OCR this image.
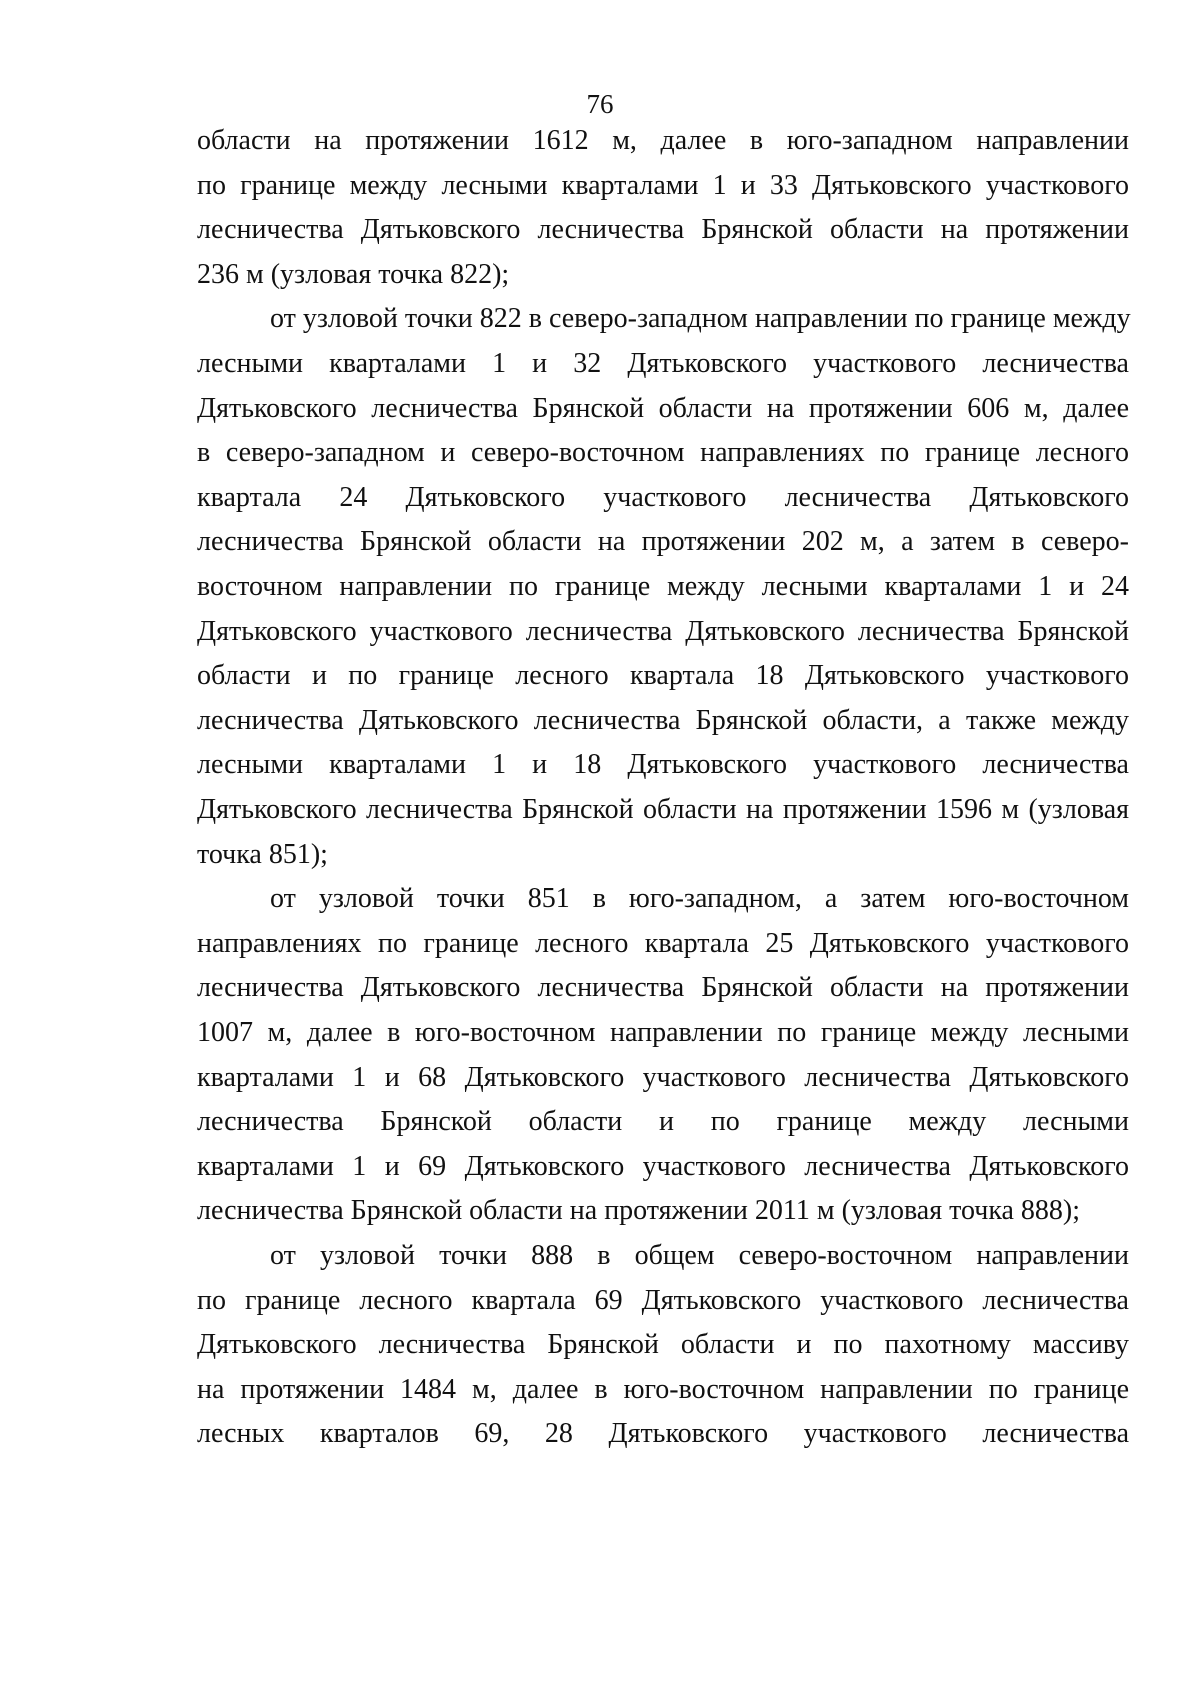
76
области на протяжении 1612 м, далее в юго-западном направлении
по границе между лесными кварталами 1 и 33 Дятьковского участкового
лесничества Дятьковского лесничества Брянской области на протяжении
236 м (узловая точка 822);
от узловой точки 822 в северо-западном направлении по границе между
лесными кварталами 1 и 32 Дятьковского участкового лесничества
Дятьковского лесничества Брянской области на протяжении 606 м, далее
в северо-западном и северо-восточном направлениях по границе лесного
квартала 24 Дятьковского участкового лесничества Дятьковского
лесничества Брянской области на протяжении 202 м, а затем в северо-
восточном направлении по границе между лесными кварталами 1 и 24
Дятьковского участкового лесничества Дятьковского лесничества Брянской
области и по границе лесного квартала 18 Дятьковского участкового
лесничества Дятьковского лесничества Брянской области, а также между
лесными кварталами 1 и 18 Дятьковского участкового лесничества
Дятьковского лесничества Брянской области на протяжении 1596 м (узловая
точка 851);
от узловой точки 851 в юго-западном, а затем юго-восточном
направлениях по границе лесного квартала 25 Дятьковского участкового
лесничества Дятьковского лесничества Брянской области на протяжении
1007 м, далее в юго-восточном направлении по границе между лесными
кварталами 1 и 68 Дятьковского участкового лесничества Дятьковского
лесничества Брянской области и по границе между лесными
кварталами 1 и 69 Дятьковского участкового лесничества Дятьковского
лесничества Брянской области на протяжении 2011 м (узловая точка 888);
от узловой точки 888 в общем северо-восточном направлении
по границе лесного квартала 69 Дятьковского участкового лесничества
Дятьковского лесничества Брянской области и по пахотному массиву
на протяжении 1484 м, далее в юго-восточном направлении по границе
лесных кварталов 69, 28 Дятьковского участкового лесничества
